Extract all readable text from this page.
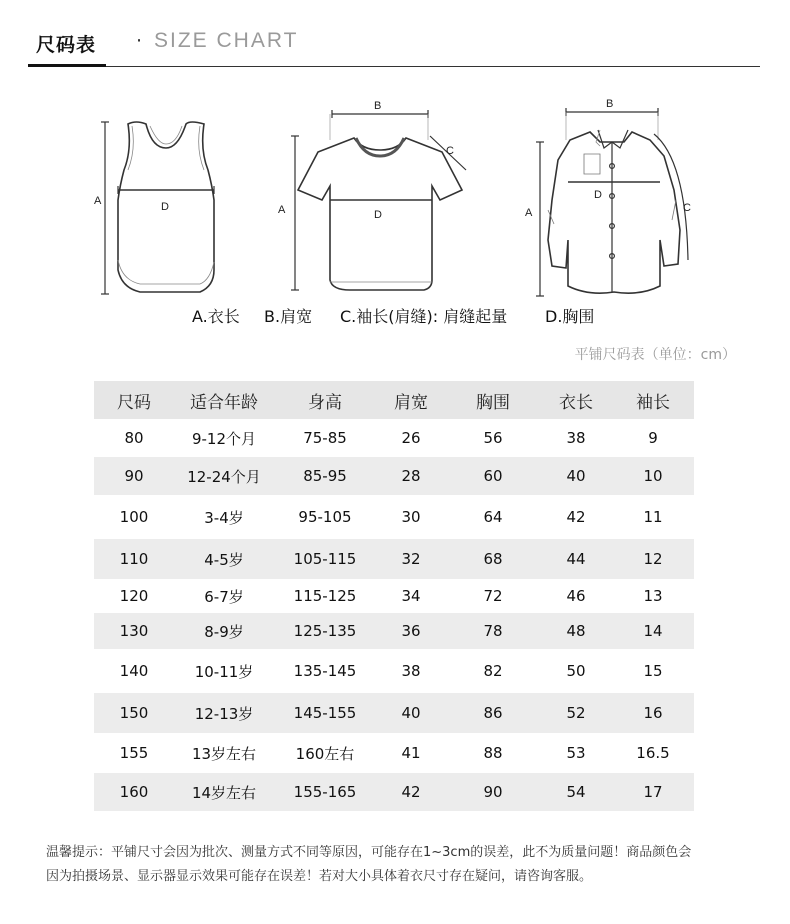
尺码表 · SIZE CHART
A	D
B
C
A	D
B
A
D
C
A.衣长 B.肩宽 C.袖长(肩缝): 肩缝起量 D.胸围
平铺尺码表（单位：cm）
尺码	适合年龄	身高	肩宽	胸围	衣长	袖长
80	9-12个月	75-85	26	56	38	9
90	12-24个月	85-95	28	60	40	10
100	3-4岁	95-105	30	64	42	11
110	4-5岁	105-115	32	68	44	12
120	6-7岁	115-125	34	72	46	13
130	8-9岁	125-135	36	78	48	14
140	10-11岁	135-145	38	82	50	15
150	12-13岁	145-155	40	86	52	16
155	13岁左右	160左右	41	88	53	16.5
160	14岁左右	155-165	42	90	54	17
温馨提示：平铺尺寸会因为批次、测量方式不同等原因，可能存在1~3cm的误差，此不为质量问题！商品颜色会
因为拍摄场景、显示器显示效果可能存在误差！若对大小具体着衣尺寸存在疑问，请咨询客服。
